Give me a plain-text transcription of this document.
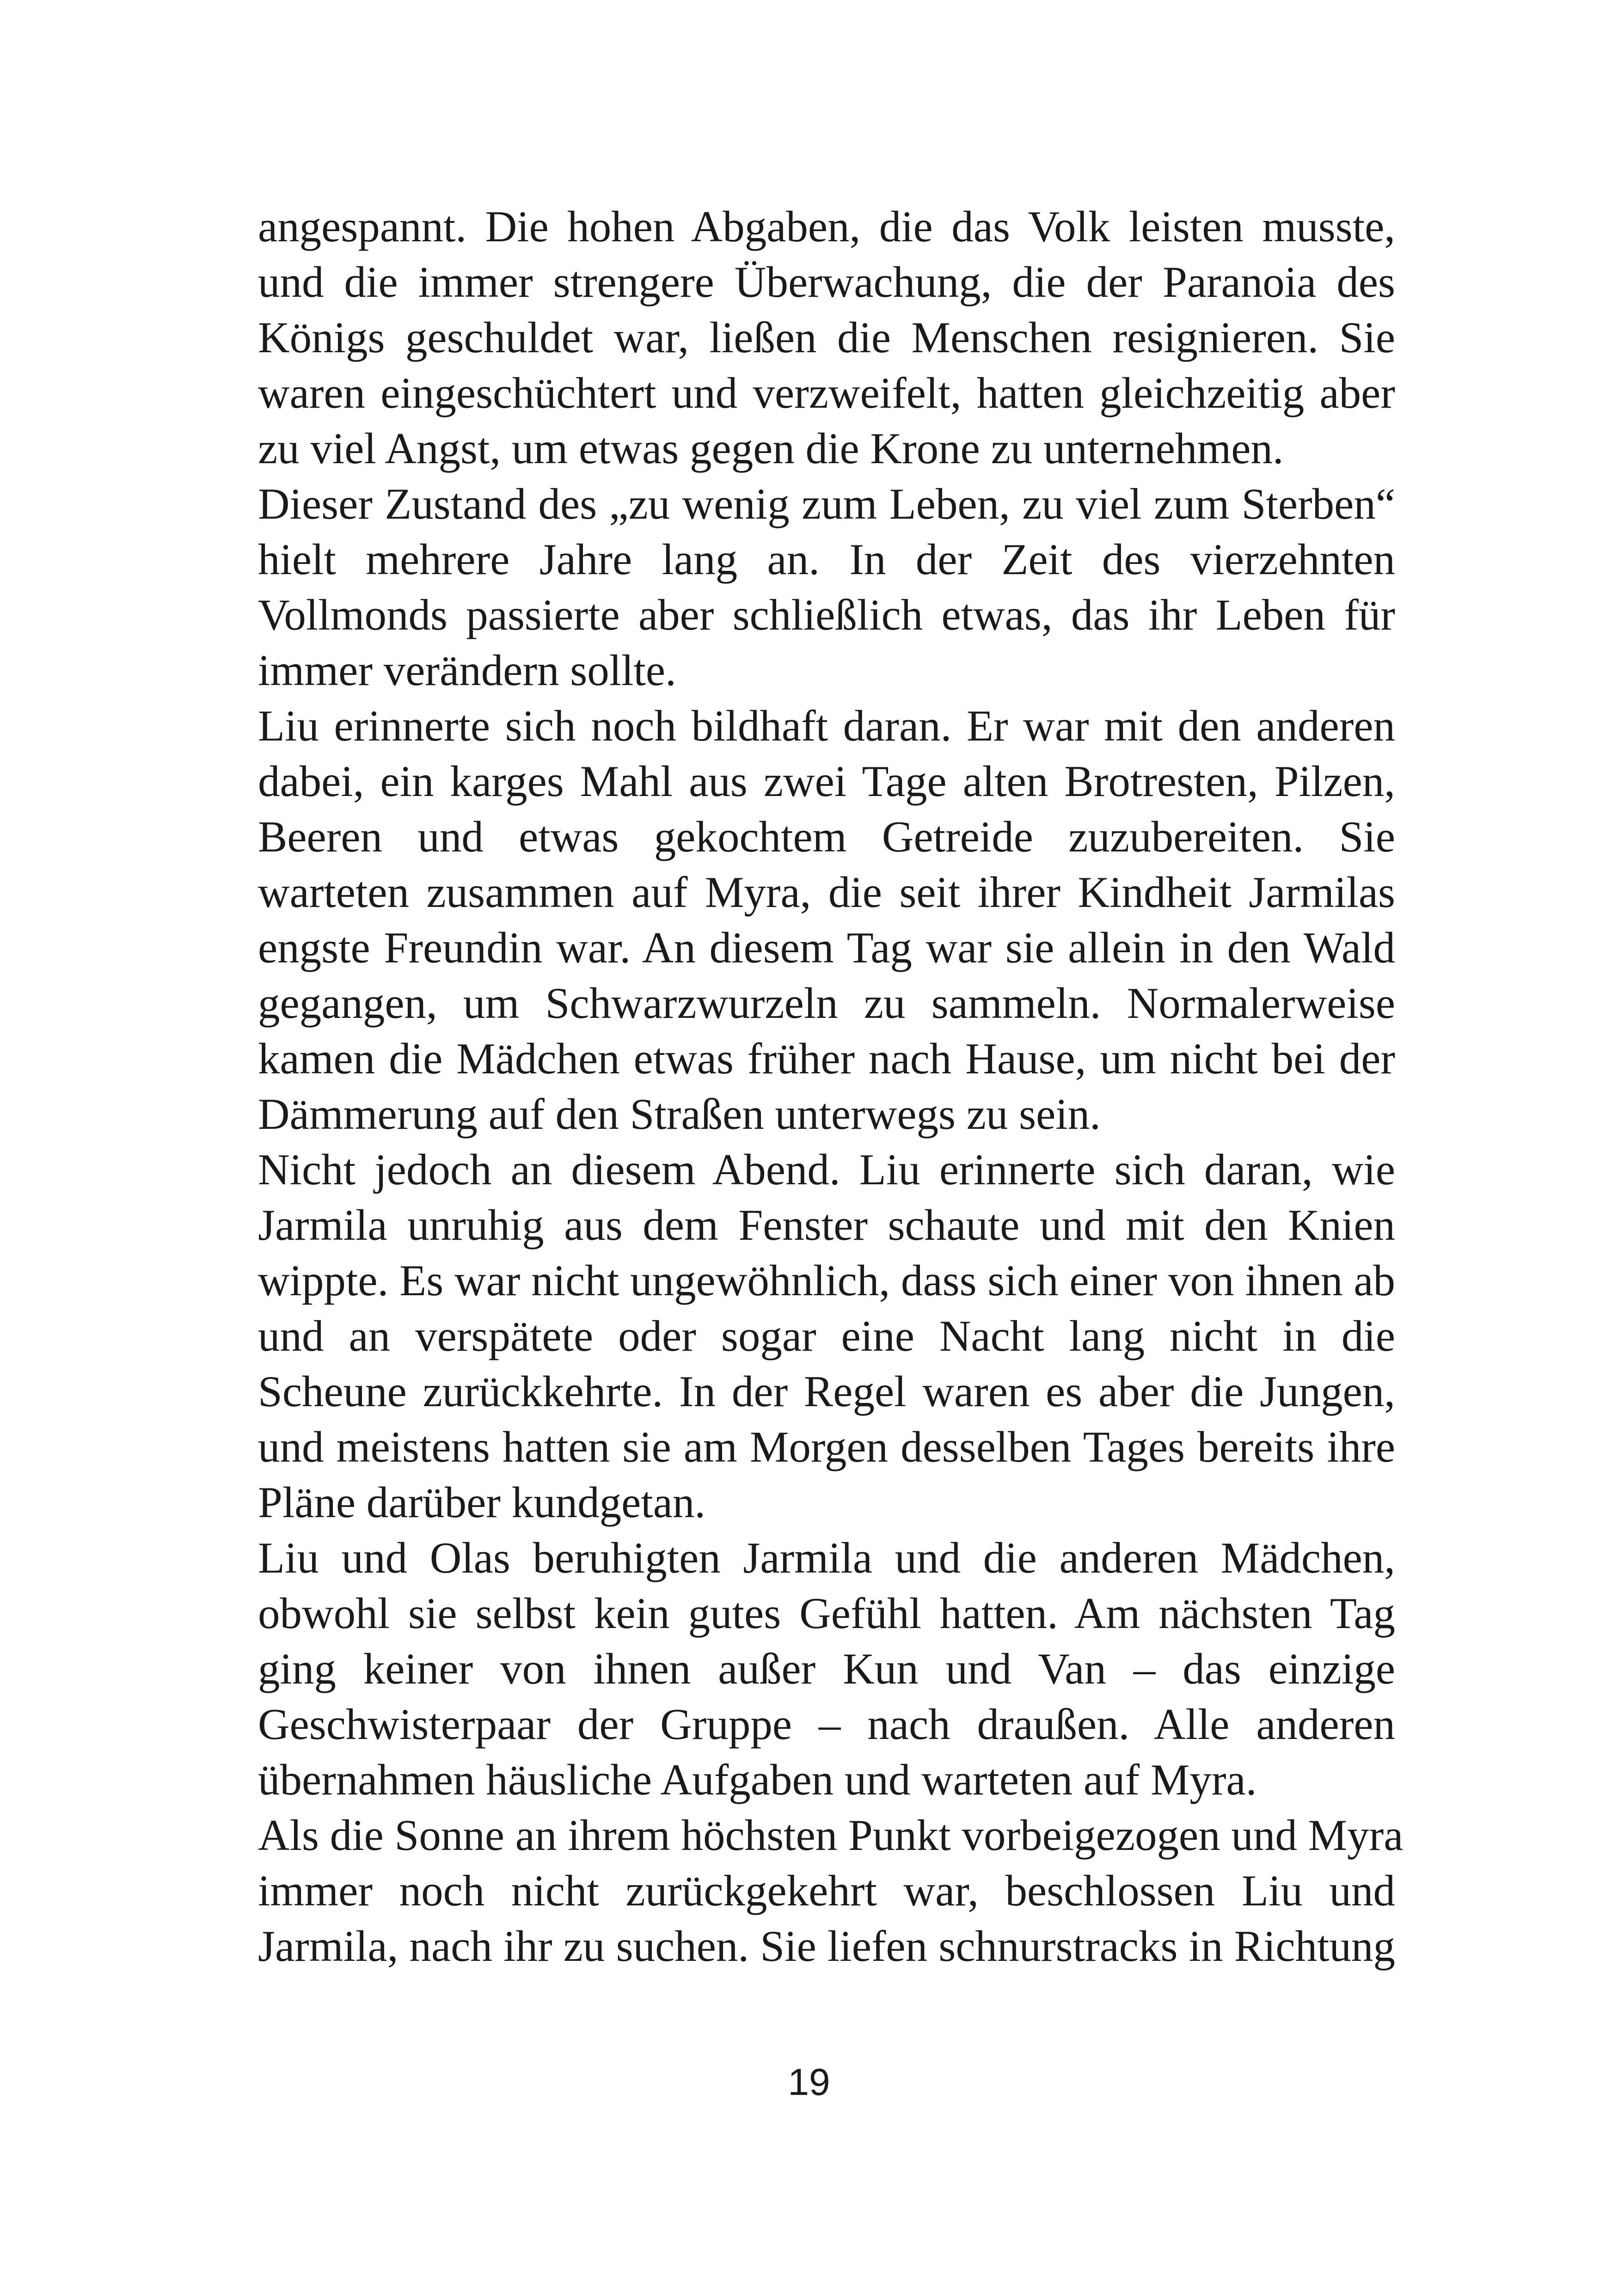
angespannt. Die hohen Abgaben, die das Volk leisten musste,
und die immer strengere Überwachung, die der Paranoia des
Königs geschuldet war, ließen die Menschen resignieren. Sie
waren eingeschüchtert und verzweifelt, hatten gleichzeitig aber
zu viel Angst, um etwas gegen die Krone zu unternehmen.
Dieser Zustand des „zu wenig zum Leben, zu viel zum Sterben“
hielt mehrere Jahre lang an. In der Zeit des vierzehnten
Vollmonds passierte aber schließlich etwas, das ihr Leben für
immer verändern sollte.
Liu erinnerte sich noch bildhaft daran. Er war mit den anderen
dabei, ein karges Mahl aus zwei Tage alten Brotresten, Pilzen,
Beeren und etwas gekochtem Getreide zuzubereiten. Sie
warteten zusammen auf Myra, die seit ihrer Kindheit Jarmilas
engste Freundin war. An diesem Tag war sie allein in den Wald
gegangen, um Schwarzwurzeln zu sammeln. Normalerweise
kamen die Mädchen etwas früher nach Hause, um nicht bei der
Dämmerung auf den Straßen unterwegs zu sein.
Nicht jedoch an diesem Abend. Liu erinnerte sich daran, wie
Jarmila unruhig aus dem Fenster schaute und mit den Knien
wippte. Es war nicht ungewöhnlich, dass sich einer von ihnen ab
und an verspätete oder sogar eine Nacht lang nicht in die
Scheune zurückkehrte. In der Regel waren es aber die Jungen,
und meistens hatten sie am Morgen desselben Tages bereits ihre
Pläne darüber kundgetan.
Liu und Olas beruhigten Jarmila und die anderen Mädchen,
obwohl sie selbst kein gutes Gefühl hatten. Am nächsten Tag
ging keiner von ihnen außer Kun und Van – das einzige
Geschwisterpaar der Gruppe – nach draußen. Alle anderen
übernahmen häusliche Aufgaben und warteten auf Myra.
Als die Sonne an ihrem höchsten Punkt vorbeigezogen und Myra
immer noch nicht zurückgekehrt war, beschlossen Liu und
Jarmila, nach ihr zu suchen. Sie liefen schnurstracks in Richtung
19
